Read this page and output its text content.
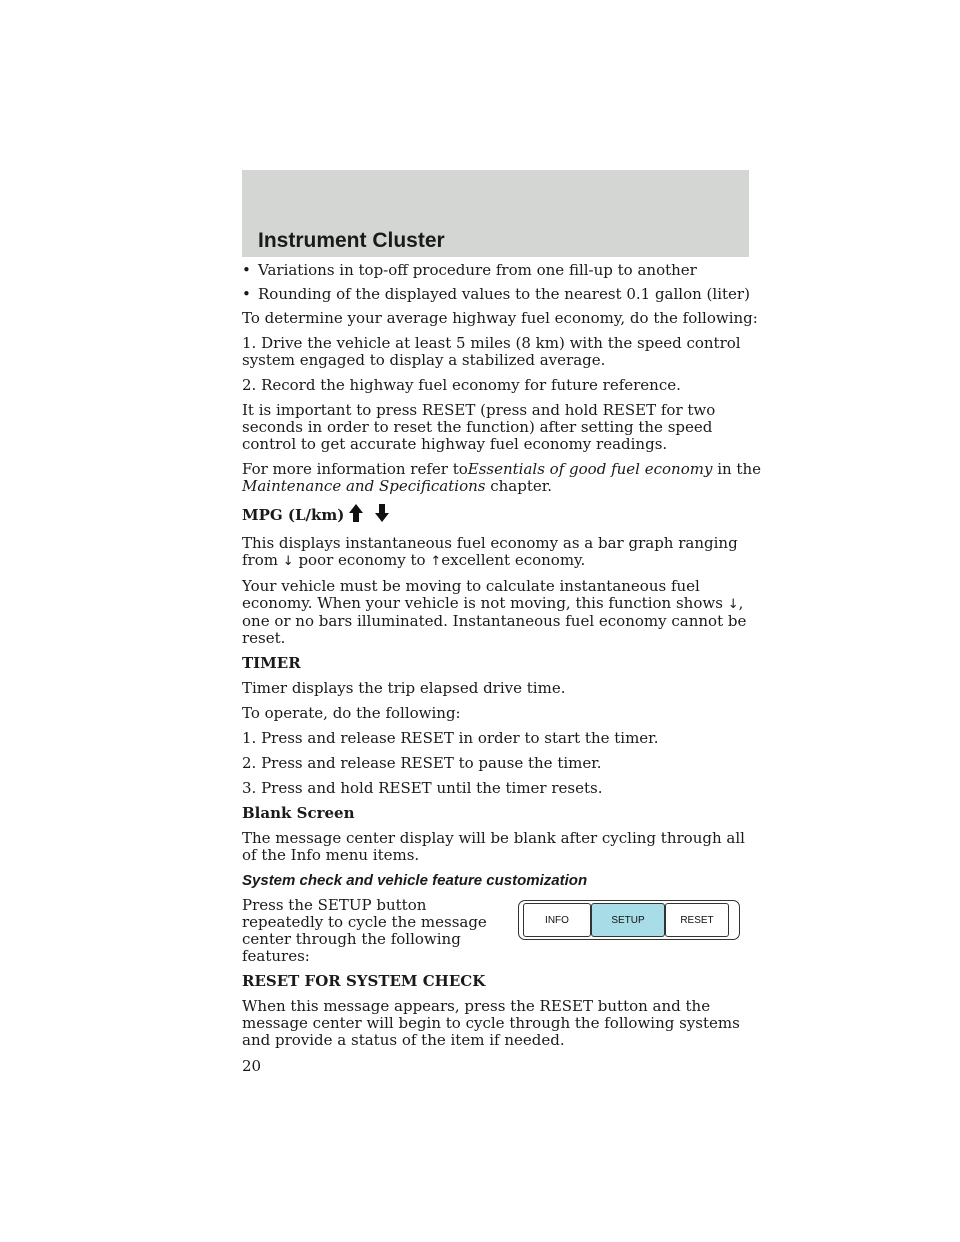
Instrument Cluster
• Variations in top-off procedure from one fill-up to another
• Rounding of the displayed values to the nearest 0.1 gallon (liter)

To determine your average highway fuel economy, do the following:

1. Drive the vehicle at least 5 miles (8 km) with the speed control system engaged to display a stabilized average.

2. Record the highway fuel economy for future reference.

It is important to press RESET (press and hold RESET for two seconds in order to reset the function) after setting the speed control to get accurate highway fuel economy readings.

For more information refer toEssentials of good fuel economy in the Maintenance and Specifications chapter.

MPG (L/km)

This displays instantaneous fuel economy as a bar graph ranging from ↓ poor economy to ↑excellent economy.

Your vehicle must be moving to calculate instantaneous fuel economy. When your vehicle is not moving, this function shows ↓, one or no bars illuminated. Instantaneous fuel economy cannot be reset.

TIMER

Timer displays the trip elapsed drive time.

To operate, do the following:

1. Press and release RESET in order to start the timer.

2. Press and release RESET to pause the timer.

3. Press and hold RESET until the timer resets.

Blank Screen

The message center display will be blank after cycling through all of the Info menu items.

System check and vehicle feature customization

Press the SETUP button repeatedly to cycle the message center through the following features:
INFO	SETUP	RESET

RESET FOR SYSTEM CHECK

When this message appears, press the RESET button and the message center will begin to cycle through the following systems and provide a status of the item if needed.

20
